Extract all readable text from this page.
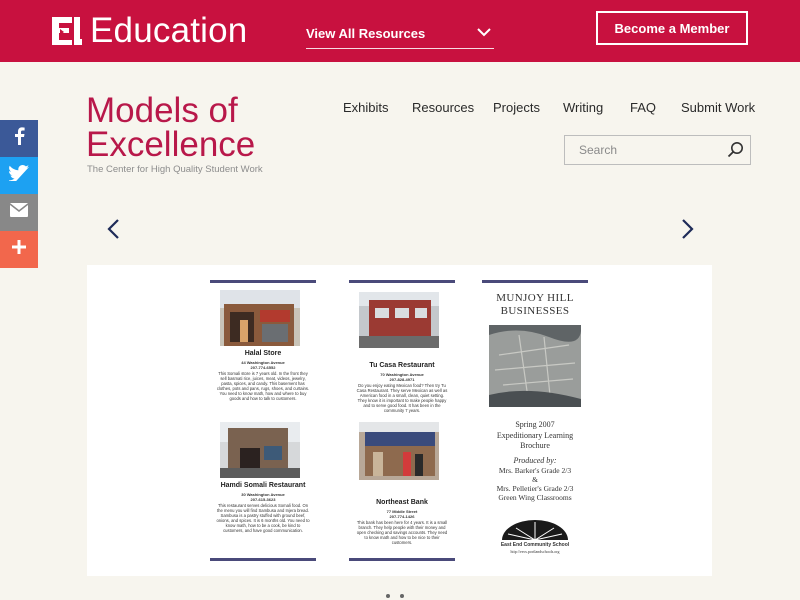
Education	View All Resources	Become a Member
Models of
Excellence
The Center for High Quality Student Work
Exhibits Resources Projects Writing FAQ Submit Work
Search
Halal Store
44 Washington Avenue
207-774-6552
This Somali store is 7 years old. In the front they sell basmati rice, juices, meat, videos, jewelry, pasta, spices, and candy. This basement has clothes, pots and pans, rugs, shoes, and curtains. You need to know math, how and where to buy goods and how to talk to customers.
Hamdi Somali Restaurant
30 Washington Avenue
207-615-3623
This restaurant serves delicious Somali food. On the menu you will find Sambusa and Injera bread. Sambusa is a pastry stuffed with ground beef, onions, and spices. It is 6 months old. You need to know math, how to be a cook, be kind to customers, and have good communication.
Tu Casa Restaurant
70 Washington Avenue
207-828-4971
Do you enjoy eating Mexican food? Then try Tu Casa Restaurant. They serve Mexican as well as American food in a small, clean, quiet setting. They know it is important to make people happy and to serve good food. It has been in the community 7 years.
Northeast Bank
77 Middle Street
207-774-1426
This bank has been here for 4 years. It is a small branch. They help people with their money and open checking and savings accounts. They need to know math and how to be nice to their customers.
MUNJOY HILL
BUSINESSES
Spring 2007
Expeditionary Learning
Brochure
Produced by:
Mrs. Barker's Grade 2/3
&
Mrs. Pelletier's Grade 2/3
Green Wing Classrooms
East End Community School
http://eecs.portlandschools.org
